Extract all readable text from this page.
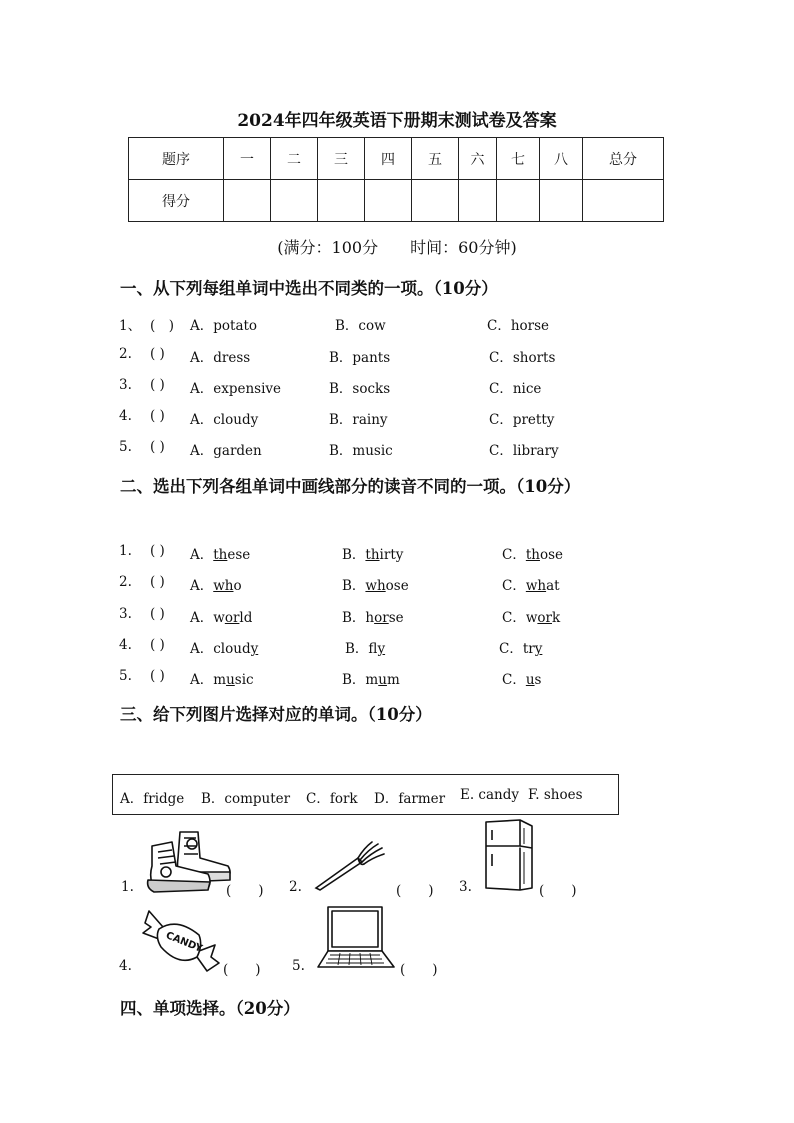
2024年四年级英语下册期末测试卷及答案
题序	一	二	三	四	五	六	七	八	总分
得分									
(满分：100分　　时间：60分钟)
一、从下列每组单词中选出不同类的一项。（10分）
1、 (　) A．potato	B．cow	C．horse
2. ( ) A．dress	B．pants	C．shorts
3. ( ) A．expensive	B．socks	C．nice
4. ( ) A．cloudy	B．rainy	C．pretty
5. ( ) A．garden	B．music	C．library
二、选出下列各组单词中画线部分的读音不同的一项。（10分）
1. ( ) A．these	B．thirty	C．those
2. ( ) A．who	B．whose	C．what
3. ( ) A．world	B．horse	C．work
4. ( ) A．cloudy	B．fly	C．try
5. ( ) A．music	B．mum	C．us
三、给下列图片选择对应的单词。（10分）
A．fridge B．computer C．fork D．farmer E. candy F. shoes
1.	(　　) 2.	(　　) 3.	(　　)
4.
CANDY
(　　) 5.	(　　)
四、单项选择。（20分）
